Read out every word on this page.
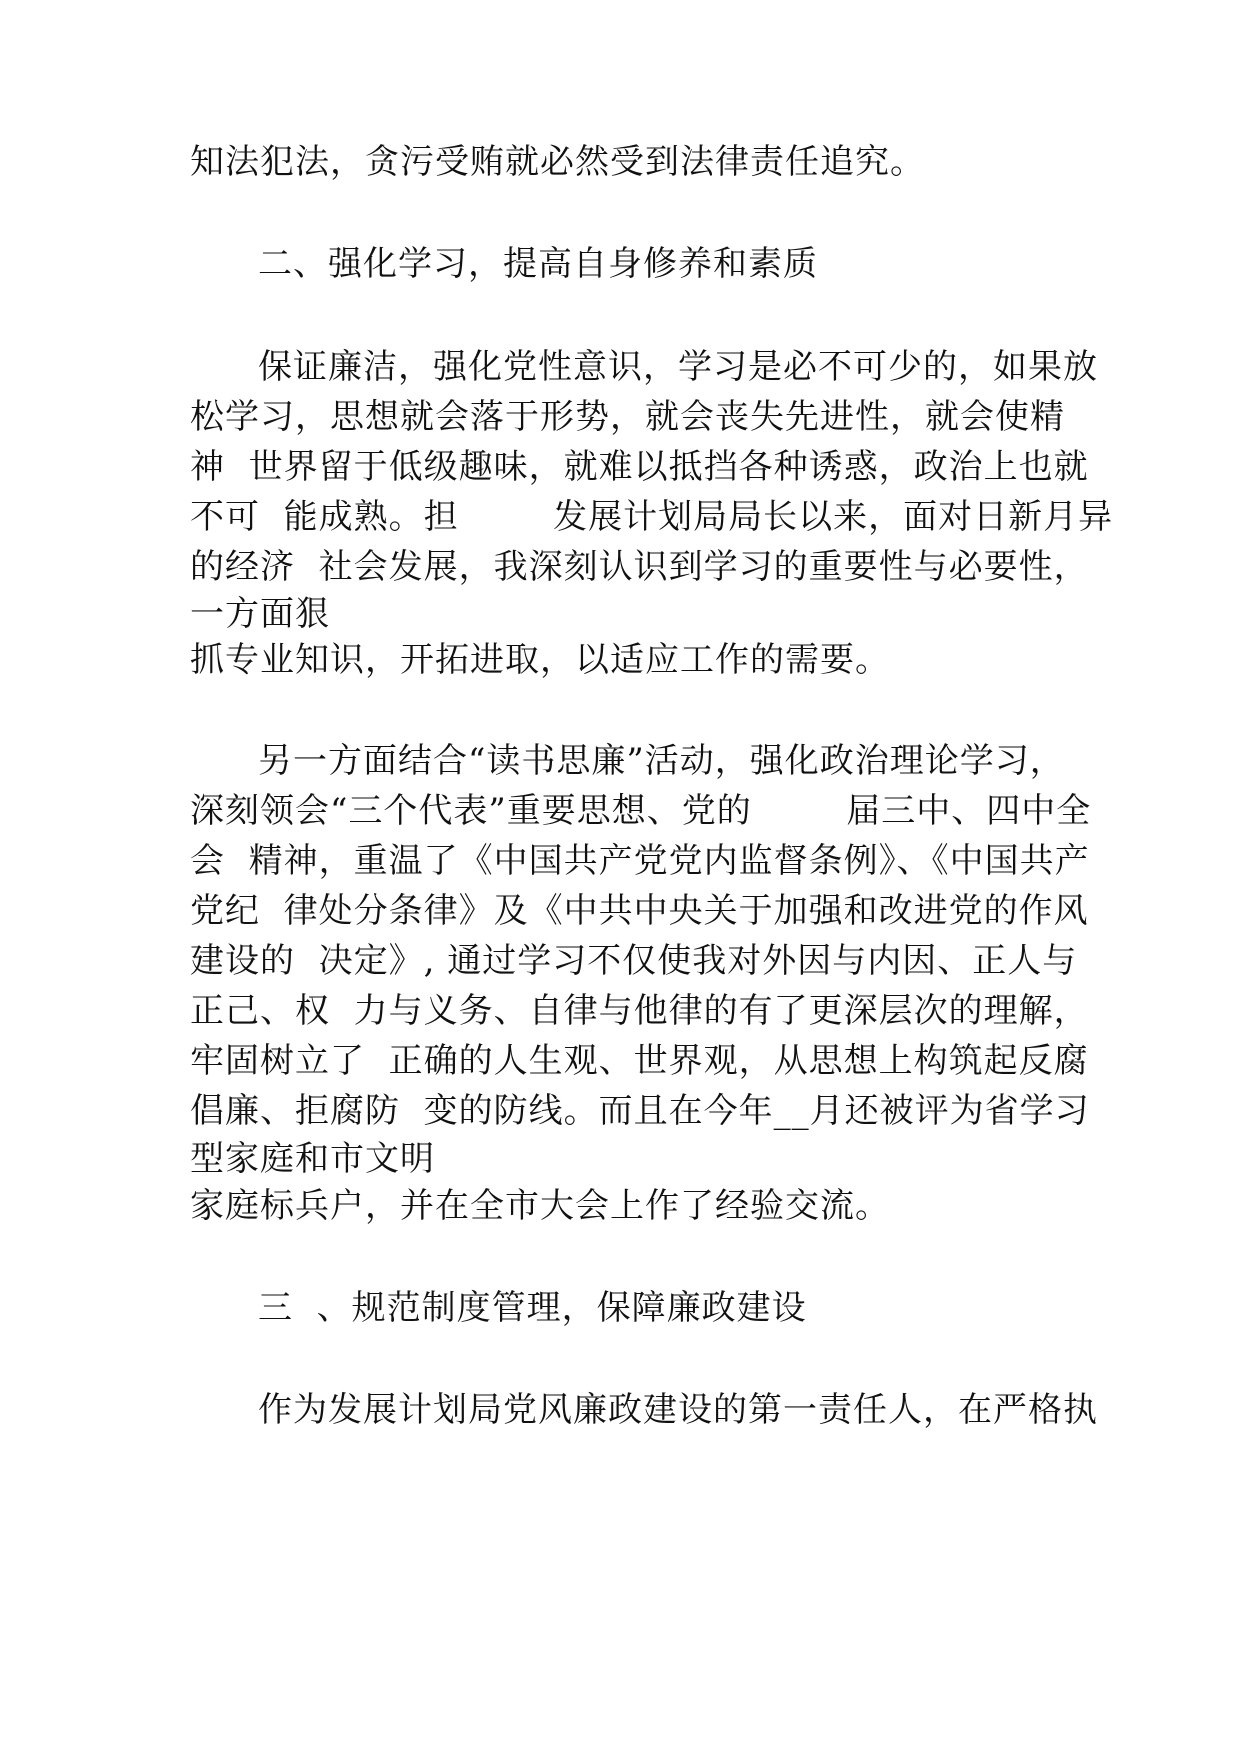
知法犯法，贪污受贿就必然受到法律责任追究。
二、强化学习，提高自身修养和素质
保证廉洁，强化党性意识，学习是必不可少的，如果放
松学习，思想就会落于形势，就会丧失先进性，就会使精
神  世界留于低级趣味，就难以抵挡各种诱惑，政治上也就
不可  能成熟。担        发展计划局局长以来，面对日新月异
的经济  社会发展，我深刻认识到学习的重要性与必要性，
一方面狠
抓专业知识，开拓进取，以适应工作的需要。
另一方面结合“读书思廉”活动，强化政治理论学习，
深刻领会“三个代表”重要思想、党的        届三中、四中全
会  精神，重温了《中国共产党党内监督条例》、《中国共产
党纪  律处分条律》及《中共中央关于加强和改进党的作风
建设的  决定》, 通过学习不仅使我对外因与内因、正人与
正己、权  力与义务、自律与他律的有了更深层次的理解，
牢固树立了  正确的人生观、世界观，从思想上构筑起反腐
倡廉、拒腐防  变的防线。而且在今年__月还被评为省学习
型家庭和市文明
家庭标兵户，并在全市大会上作了经验交流。
三  、规范制度管理，保障廉政建设
作为发展计划局党风廉政建设的第一责任人，在严格执
